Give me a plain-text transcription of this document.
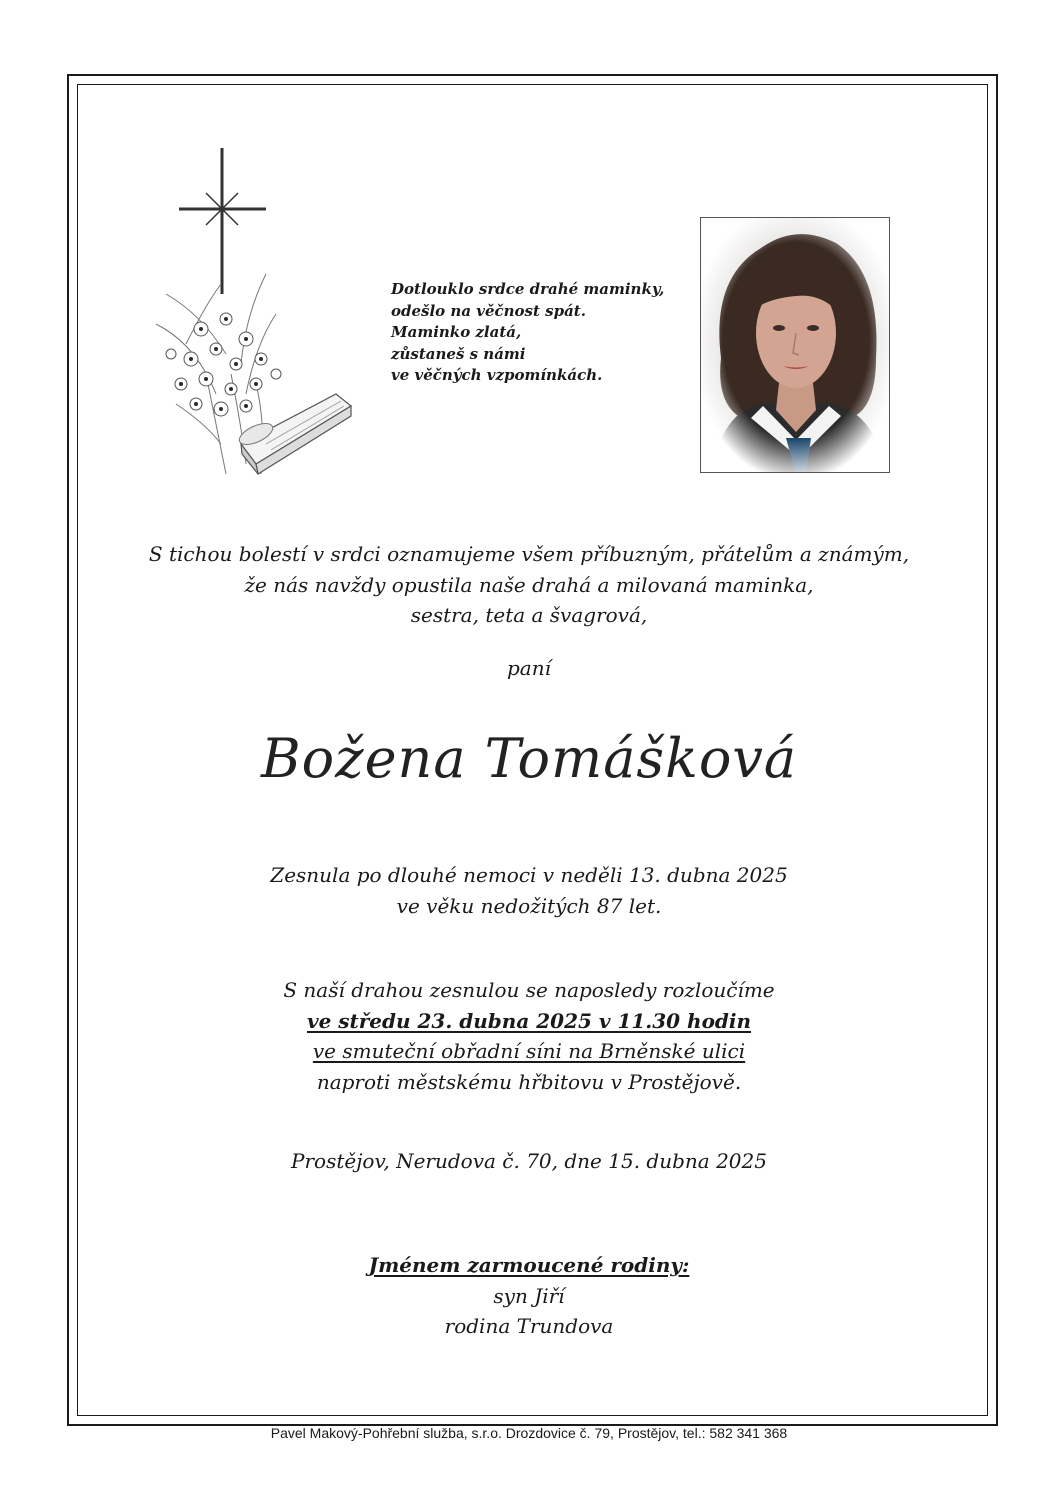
Dotlouklo srdce drahé maminky,
odešlo na věčnost spát.
Maminko zlatá,
zůstaneš s námi
ve věčných vzpomínkách.
S tichou bolestí v srdci oznamujeme všem příbuzným, přátelům a známým,
že nás navždy opustila naše drahá a milovaná maminka,
sestra, teta a švagrová,
paní
Božena Tomášková
Zesnula po dlouhé nemoci v neděli 13. dubna 2025
ve věku nedožitých 87 let.
S naší drahou zesnulou se naposledy rozloučíme
ve středu 23. dubna 2025 v 11.30 hodin
ve smuteční obřadní síni na Brněnské ulici
naproti městskému hřbitovu v Prostějově.
Prostějov, Nerudova č. 70, dne 15. dubna 2025
Jménem zarmoucené rodiny:
syn Jiří
rodina Trundova
Pavel Makový-Pohřební služba, s.r.o. Drozdovice č. 79, Prostějov, tel.: 582 341 368
